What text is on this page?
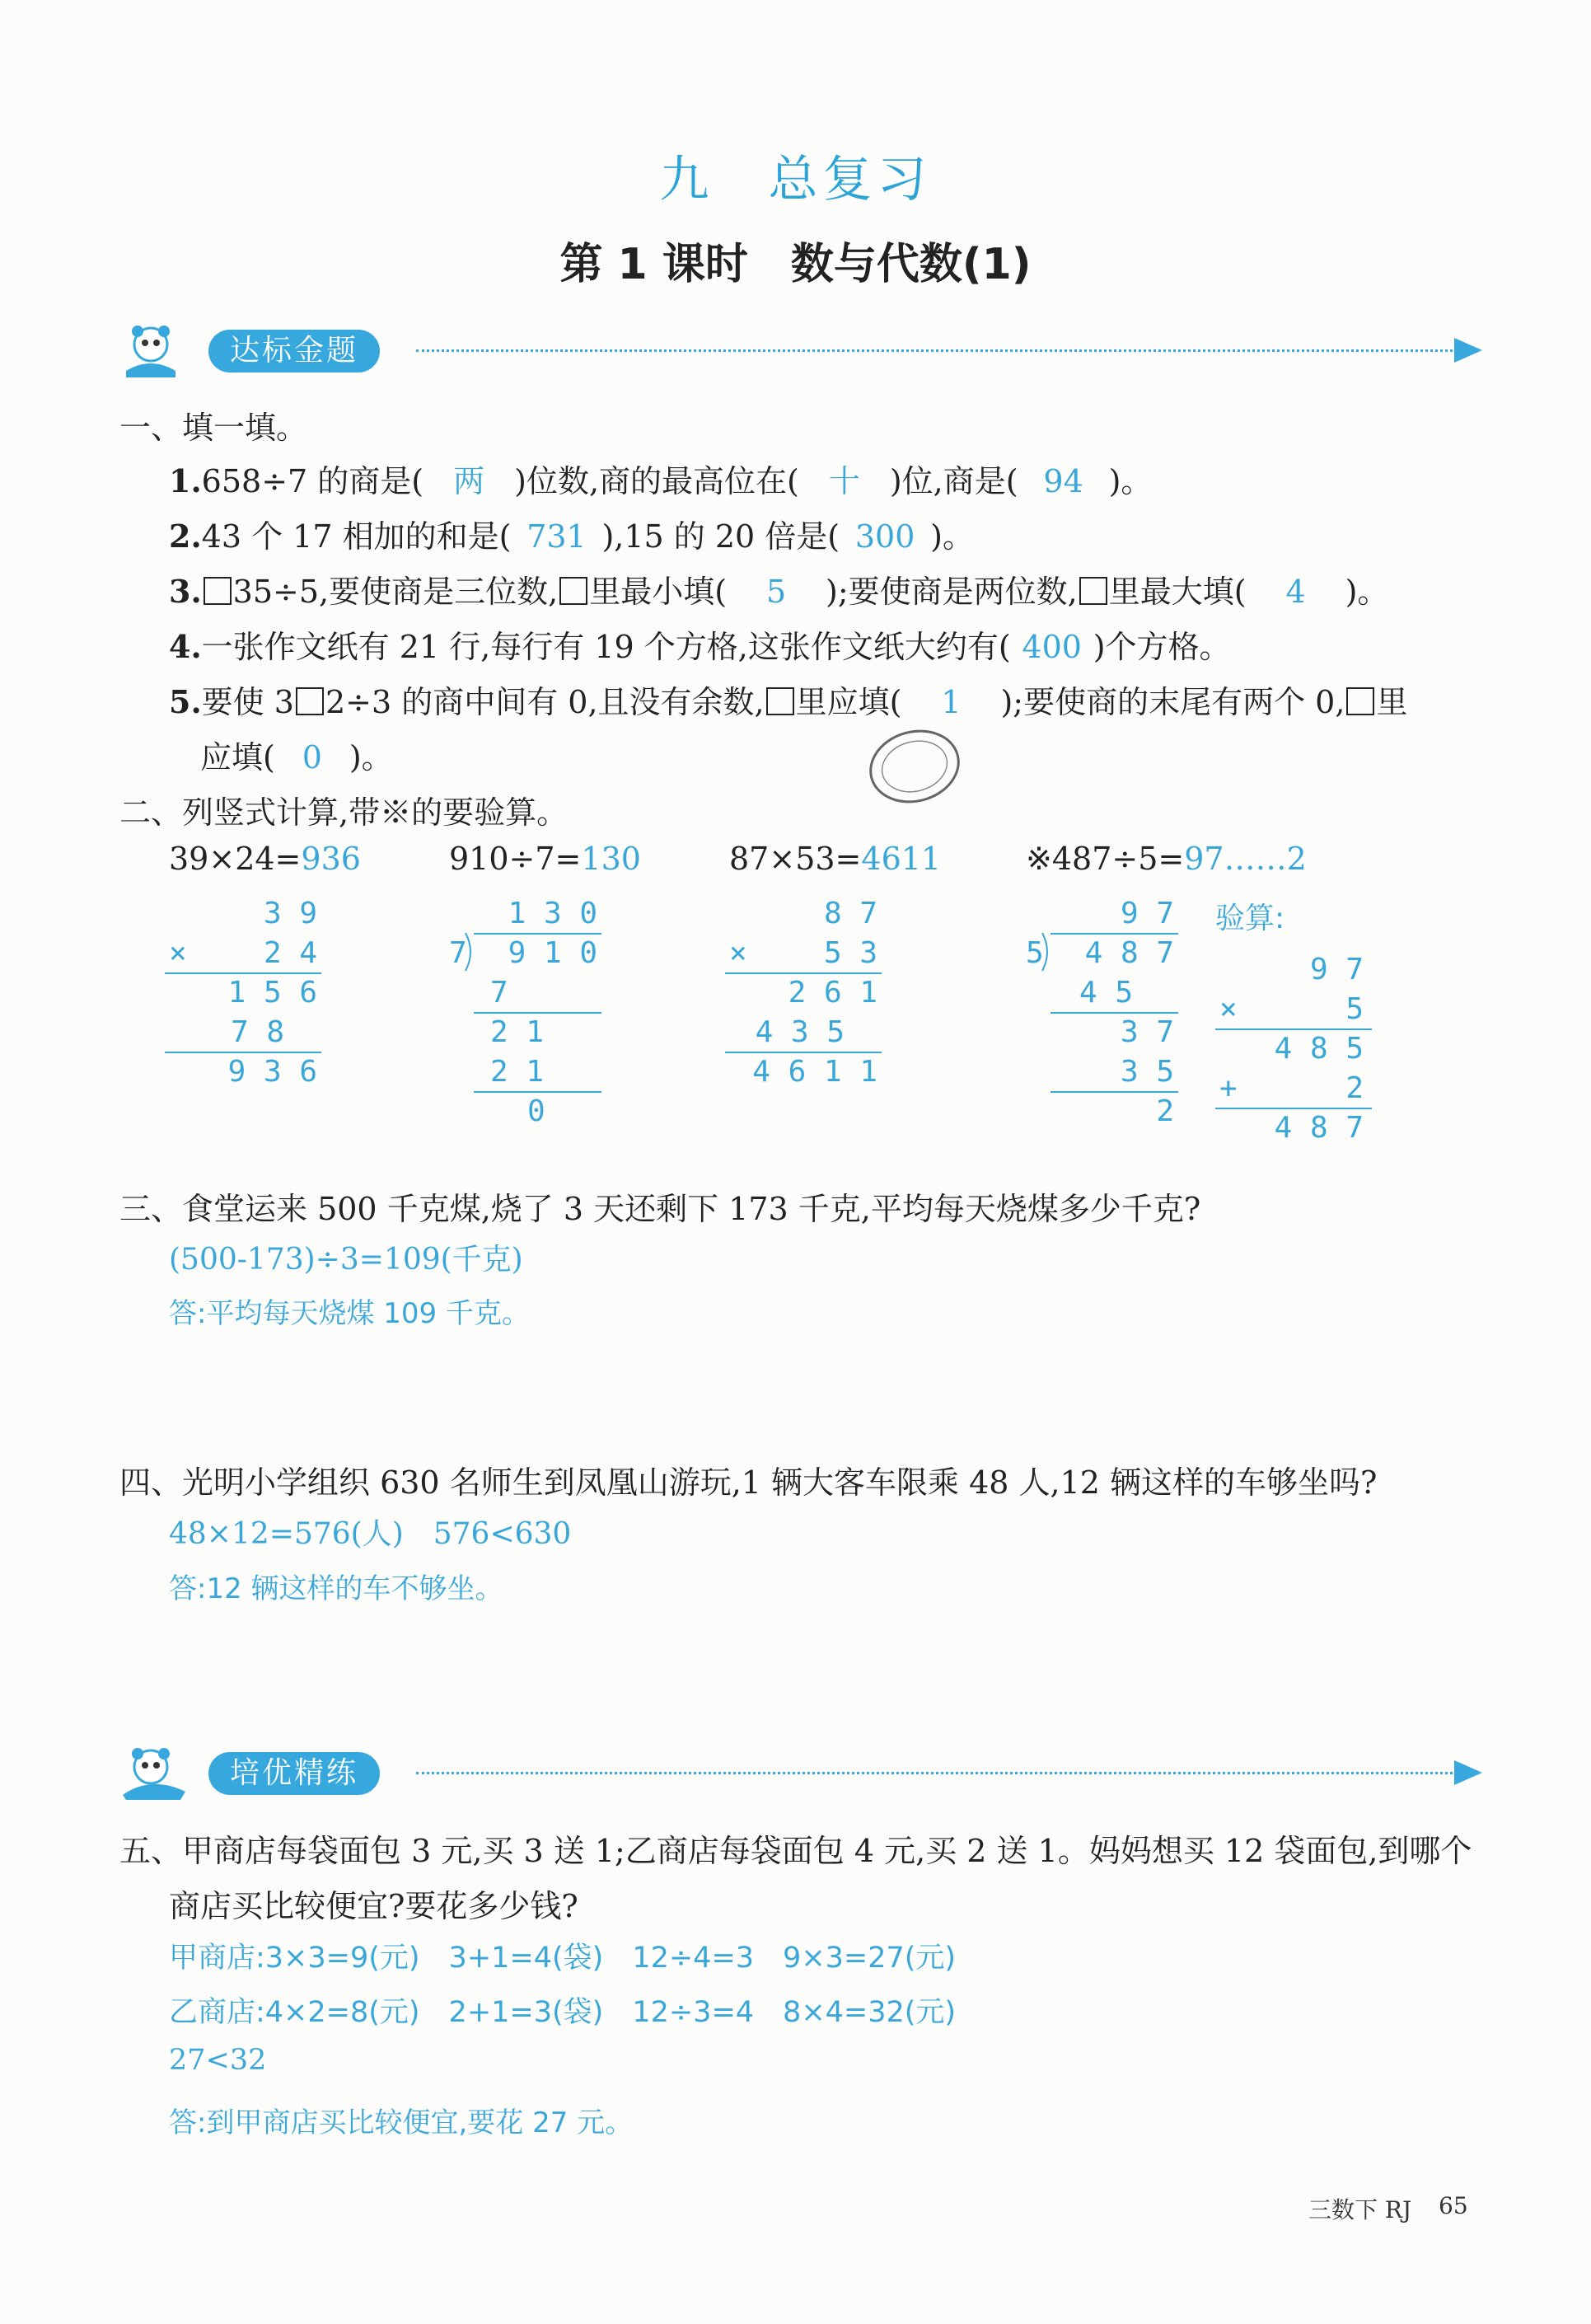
九　总复习
第 1 课时　数与代数(1)
达标金题
一、填一填。
1.658÷7 的商是( 两 )位数,商的最高位在( 十 )位,商是( 94 )。
2.43 个 17 相加的和是( 731 ),15 的 20 倍是( 300 )。
3. 35÷5,要使商是三位数, 里最小填( 5 );要使商是两位数, 里最大填( 4 )。
4.一张作文纸有 21 行,每行有 19 个方格,这张作文纸大约有( 400 )个方格。
5.要使 3 2÷3 的商中间有 0,且没有余数, 里应填( 1 );要使商的末尾有两个 0, 里
应填( 0 )。
二、列竖式计算,带※的要验算。
39×24=936	910÷7=130	87×53=4611	※487÷5=97……2
3 9
×	2 4
1 5 6
7 8
9 3 6
1 3 0
7	9 1 0
7
2 1
2 1
0
8 7
×	5 3
2 6 1
4 3 5
4 6 1 1
9 7
5	4 8 7
4 5
3 7
3 5
2
验算:
9 7
×	5
4 8 5
+	2
4 8 7
三、食堂运来 500 千克煤,烧了 3 天还剩下 173 千克,平均每天烧煤多少千克?
(500-173)÷3=109(千克)
答:平均每天烧煤 109 千克。
四、光明小学组织 630 名师生到凤凰山游玩,1 辆大客车限乘 48 人,12 辆这样的车够坐吗?
48×12=576(人)　576<630
答:12 辆这样的车不够坐。
培优精练
五、甲商店每袋面包 3 元,买 3 送 1;乙商店每袋面包 4 元,买 2 送 1。妈妈想买 12 袋面包,到哪个
商店买比较便宜?要花多少钱?
甲商店:3×3=9(元)　3+1=4(袋)　12÷4=3　9×3=27(元)
乙商店:4×2=8(元)　2+1=3(袋)　12÷3=4　8×4=32(元)
27<32
答:到甲商店买比较便宜,要花 27 元。
三数下 RJ 65
